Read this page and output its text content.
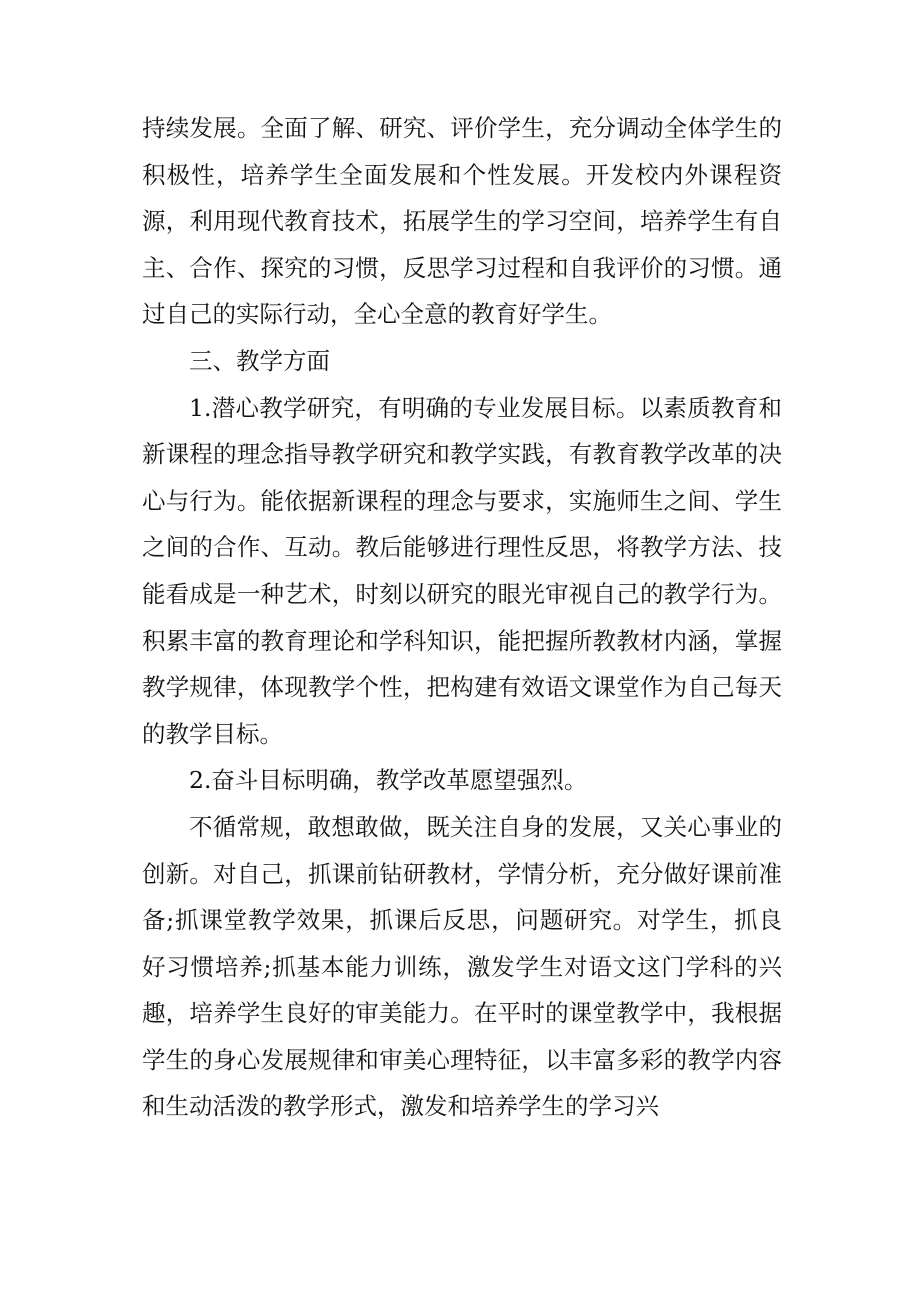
持续发展。全面了解、研究、评价学生，充分调动全体学生的积极性，培养学生全面发展和个性发展。开发校内外课程资源，利用现代教育技术，拓展学生的学习空间，培养学生有自主、合作、探究的习惯，反思学习过程和自我评价的习惯。通过自己的实际行动，全心全意的教育好学生。

三、教学方面

1.潜心教学研究，有明确的专业发展目标。以素质教育和新课程的理念指导教学研究和教学实践，有教育教学改革的决心与行为。能依据新课程的理念与要求，实施师生之间、学生之间的合作、互动。教后能够进行理性反思，将教学方法、技能看成是一种艺术，时刻以研究的眼光审视自己的教学行为。积累丰富的教育理论和学科知识，能把握所教教材内涵，掌握教学规律，体现教学个性，把构建有效语文课堂作为自己每天的教学目标。

2.奋斗目标明确，教学改革愿望强烈。

不循常规，敢想敢做，既关注自身的发展，又关心事业的创新。对自己，抓课前钻研教材，学情分析，充分做好课前准备;抓课堂教学效果，抓课后反思，问题研究。对学生，抓良好习惯培养;抓基本能力训练，激发学生对语文这门学科的兴趣，培养学生良好的审美能力。在平时的课堂教学中，我根据学生的身心发展规律和审美心理特征，以丰富多彩的教学内容和生动活泼的教学形式，激发和培养学生的学习兴
